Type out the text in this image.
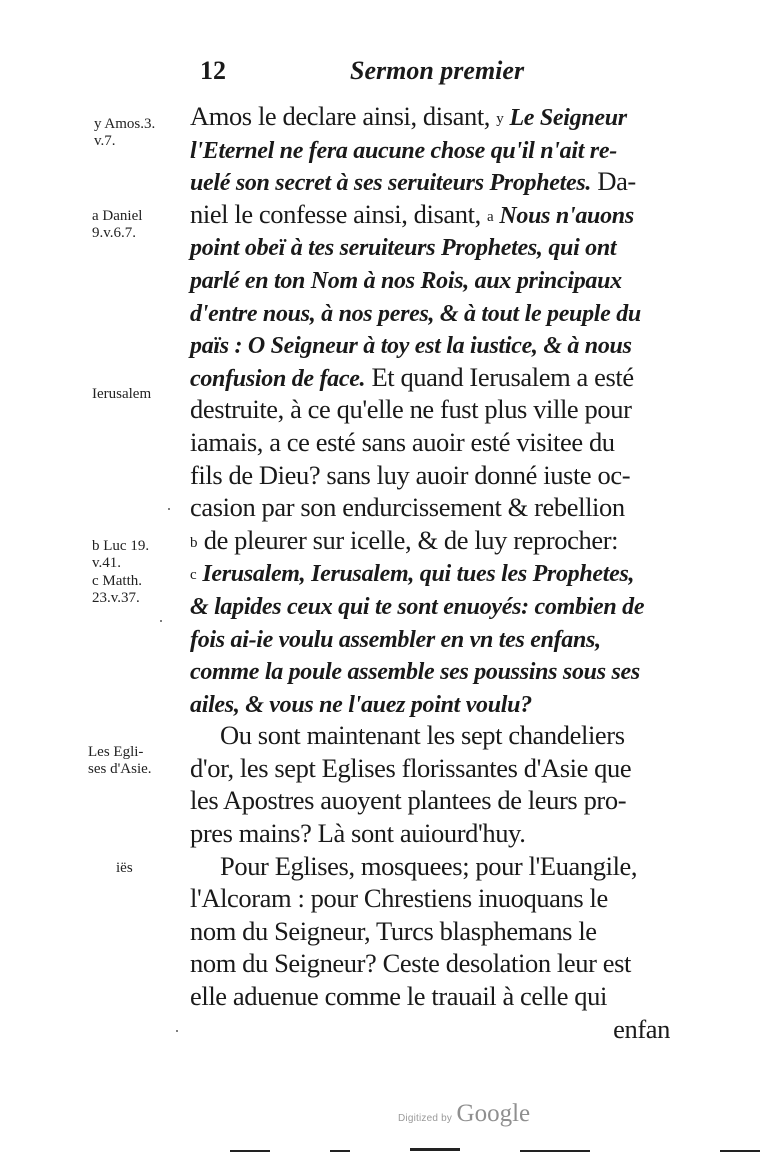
12	Sermon premier
y Amos.3.
v.7.
a Daniel
9.v.6.7.
Ierusalem
b Luc 19.
v.41.
c Matth.
23.v.37.
Les Egli-
ses d'Asie.
iës
Amos le declare ainsi, disant, $^y$ Le Seigneur
l'Eternel ne fera aucune chose qu'il n'ait re-
uelé son secret à ses seruiteurs Prophetes. Da-
niel le confesse ainsi, disant, $^a$ Nous n'auons
point obeï à tes seruiteurs Prophetes, qui ont
parlé en ton Nom à nos Rois, aux principaux
d'entre nous, à nos peres, & à tout le peuple du
païs : O Seigneur à toy est la iustice, & à nous
confusion de face. Et quand Ierusalem a esté
destruite, à ce qu'elle ne fust plus ville pour
iamais, a ce esté sans auoir esté visitee du
fils de Dieu? sans luy auoir donné iuste oc-
casion par son endurcissement & rebellion
$^b$ de pleurer sur icelle, & de luy reprocher:
$^c$ Ierusalem, Ierusalem, qui tues les Prophetes,
& lapides ceux qui te sont enuoyés: combien de
fois ai-ie voulu assembler en vn tes enfans,
comme la poule assemble ses poussins sous ses
ailes, & vous ne l'auez point voulu?
Ou sont maintenant les sept chandeliers
d'or, les sept Eglises florissantes d'Asie que
les Apostres auoyent plantees de leurs pro-
pres mains? Là sont auiourd'huy.
Pour Eglises, mosquees; pour l'Euangile,
l'Alcoram : pour Chrestiens inuoquans le
nom du Seigneur, Turcs blasphemans le
nom du Seigneur? Ceste desolation leur est
elle aduenue comme le trauail à celle qui
enfan
Digitized by Google
